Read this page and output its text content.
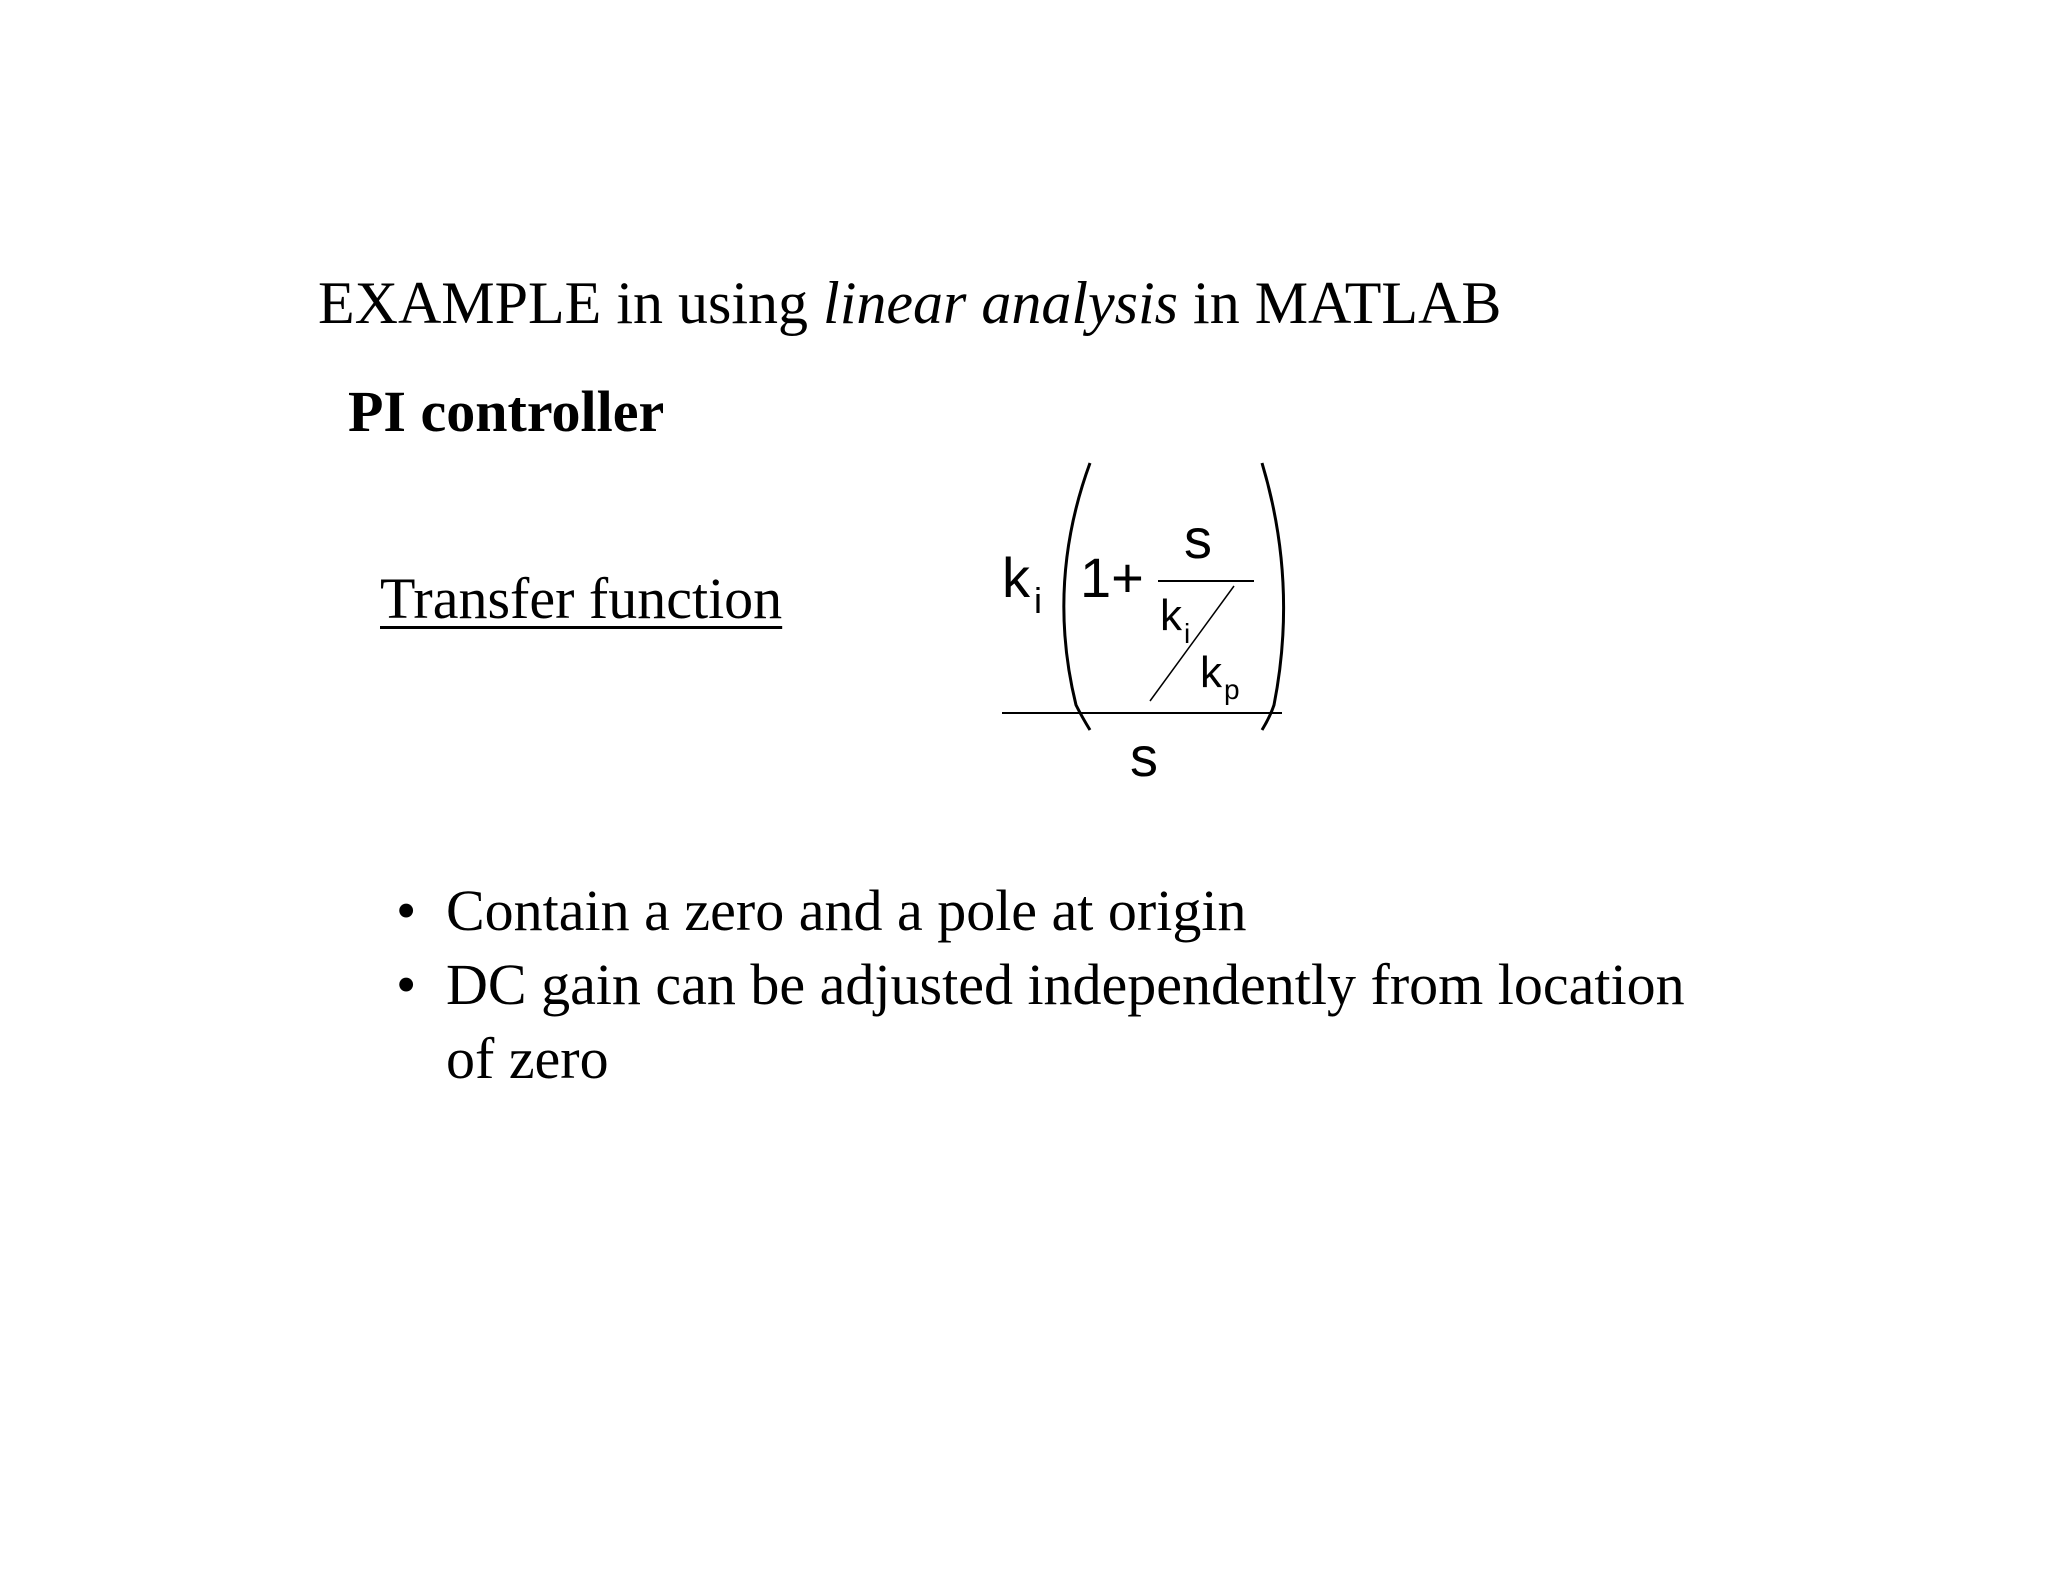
EXAMPLE in using linear analysis in MATLAB
PI controller
Transfer function	k i 1+
s
k i
k p
s
• Contain a zero and a pole at origin
• DC gain can be adjusted independently from location of zero
